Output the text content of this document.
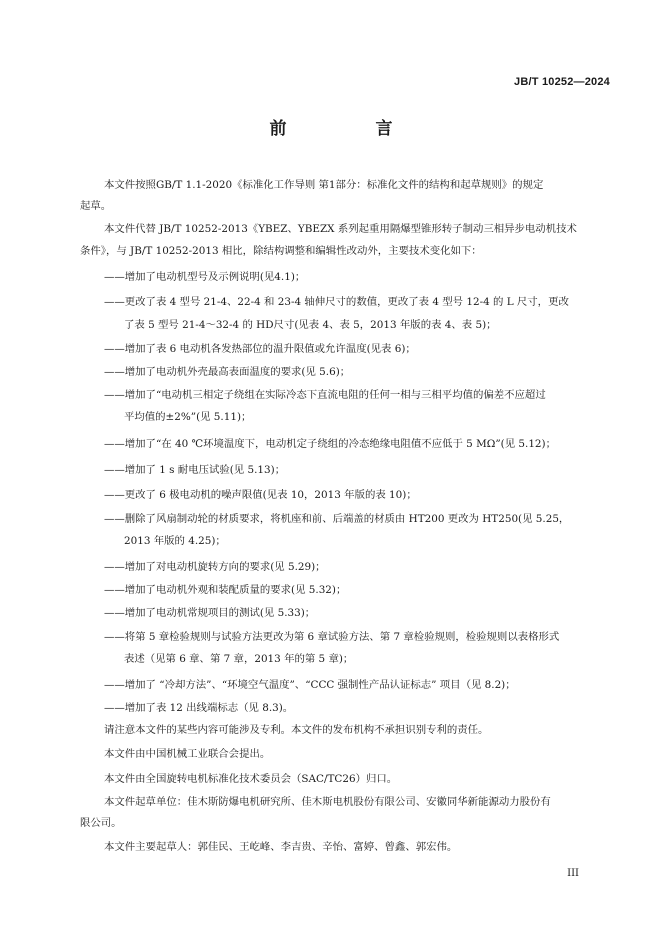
JB/T 10252—2024
前　言
本文件按照GB/T 1.1-2020《标准化工作导则 第1部分：标准化文件的结构和起草规则》的规定
起草。
本文件代替 JB/T 10252-2013《YBEZ、YBEZX 系列起重用隔爆型锥形转子制动三相异步电动机技术
条件》，与 JB/T 10252-2013 相比，除结构调整和编辑性改动外，主要技术变化如下：
——增加了电动机型号及示例说明(见4.1)；
——更改了表 4 型号 21-4、22-4 和 23-4 轴伸尺寸的数值，更改了表 4 型号 12-4 的 L 尺寸，更改
了表 5 型号 21-4～32-4 的 HD尺寸(见表 4、表 5，2013 年版的表 4、表 5)；
——增加了表 6 电动机各发热部位的温升限值或允许温度(见表 6)；
——增加了电动机外壳最高表面温度的要求(见 5.6)；
——增加了“电动机三相定子绕组在实际冷态下直流电阻的任何一相与三相平均值的偏差不应超过
平均值的±2%”(见 5.11)；
——增加了“在 40 ℃环境温度下，电动机定子绕组的冷态绝缘电阻值不应低于 5 MΩ”(见 5.12)；
——增加了 1 s 耐电压试验(见 5.13)；
——更改了 6 极电动机的噪声限值(见表 10，2013 年版的表 10)；
——删除了风扇制动轮的材质要求，将机座和前、后端盖的材质由 HT200 更改为 HT250(见 5.25，
2013 年版的 4.25)；
——增加了对电动机旋转方向的要求(见 5.29)；
——增加了电动机外观和装配质量的要求(见 5.32)；
——增加了电动机常规项目的测试(见 5.33)；
——将第 5 章检验规则与试验方法更改为第 6 章试验方法、第 7 章检验规则，检验规则以表格形式
表述（见第 6 章、第 7 章，2013 年的第 5 章)；
——增加了 “冷却方法”、“环境空气温度”、“CCC 强制性产品认证标志” 项目（见 8.2)；
——增加了表 12 出线端标志（见 8.3)。
请注意本文件的某些内容可能涉及专利。本文件的发布机构不承担识别专利的责任。
本文件由中国机械工业联合会提出。
本文件由全国旋转电机标准化技术委员会（SAC/TC26）归口。
本文件起草单位：佳木斯防爆电机研究所、佳木斯电机股份有限公司、安徽同华新能源动力股份有
限公司。
本文件主要起草人：郭佳民、王屹峰、李吉贵、辛怡、富婷、曾鑫、郭宏伟。
III
